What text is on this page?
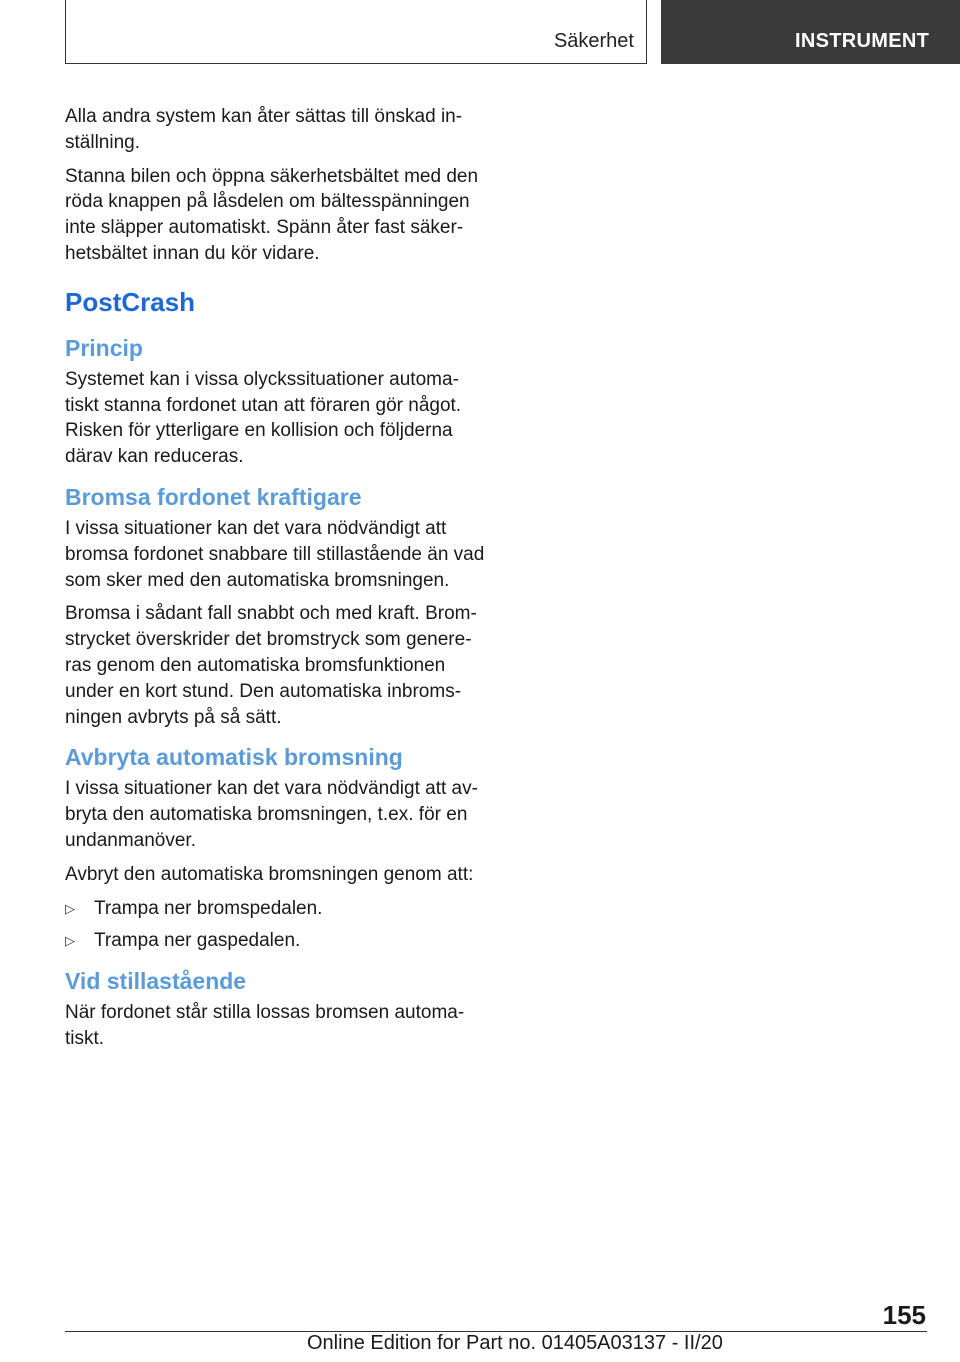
Säkerhet	INSTRUMENT

Alla andra system kan åter sättas till önskad inställning.

Stanna bilen och öppna säkerhetsbältet med den röda knappen på låsdelen om bältesspänningen inte släpper automatiskt. Spänn åter fast säkerhetsbältet innan du kör vidare.

PostCrash
Princip

Systemet kan i vissa olyckssituationer automatiskt stanna fordonet utan att föraren gör något. Risken för ytterligare en kollision och följderna därav kan reduceras.

Bromsa fordonet kraftigare

I vissa situationer kan det vara nödvändigt att bromsa fordonet snabbare till stillastående än vad som sker med den automatiska bromsningen.

Bromsa i sådant fall snabbt och med kraft. Bromstrycket överskrider det bromstryck som genereras genom den automatiska bromsfunktionen under en kort stund. Den automatiska inbromsningen avbryts på så sätt.

Avbryta automatisk bromsning

I vissa situationer kan det vara nödvändigt att avbryta den automatiska bromsningen, t.ex. för en undanmanöver.

Avbryt den automatiska bromsningen genom att:

▷ Trampa ner bromspedalen.
▷ Trampa ner gaspedalen.
Vid stillastående

När fordonet står stilla lossas bromsen automatiskt.

155
Online Edition for Part no. 01405A03137 - II/20
